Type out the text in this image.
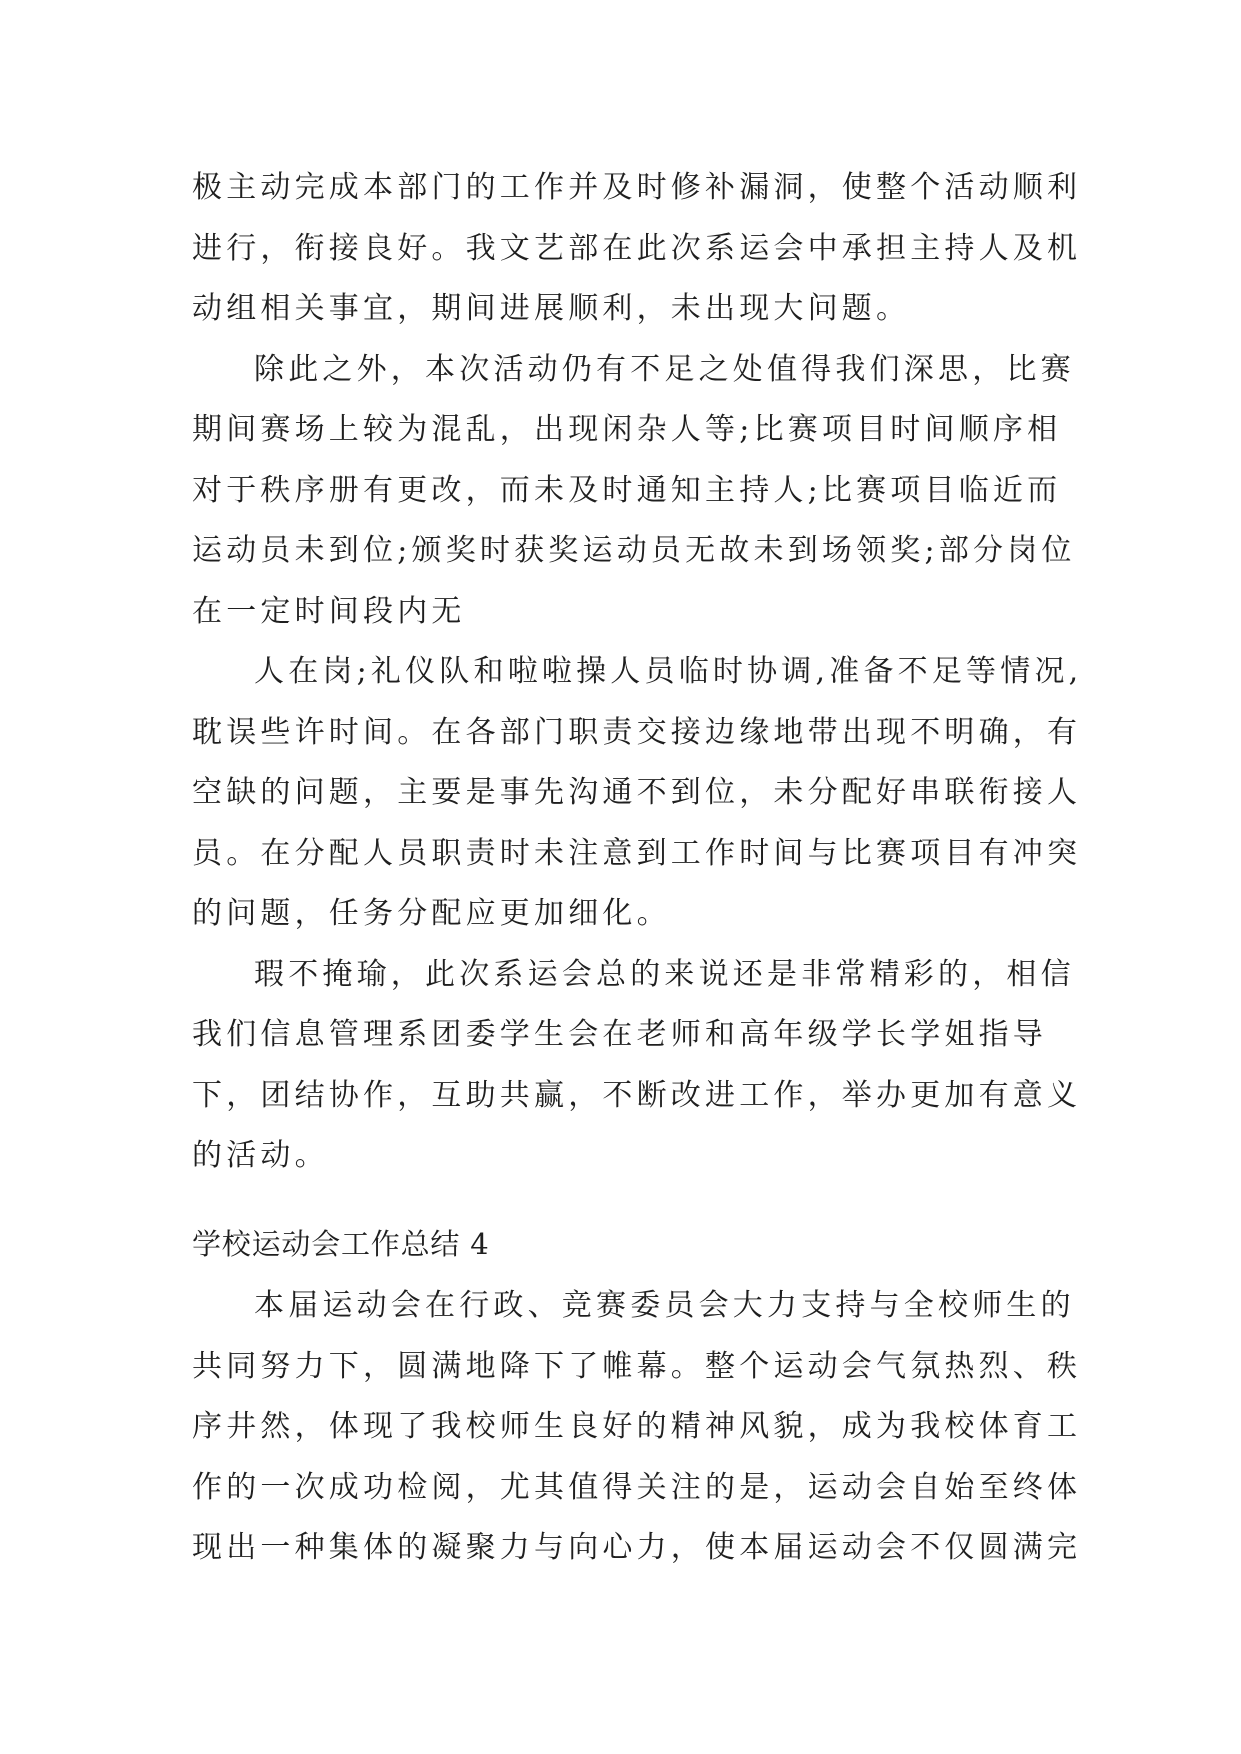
极主动完成本部门的工作并及时修补漏洞，使整个活动顺利
进行，衔接良好。我文艺部在此次系运会中承担主持人及机
动组相关事宜，期间进展顺利，未出现大问题。
除此之外，本次活动仍有不足之处值得我们深思，比赛
期间赛场上较为混乱，出现闲杂人等;比赛项目时间顺序相
对于秩序册有更改，而未及时通知主持人;比赛项目临近而
运动员未到位;颁奖时获奖运动员无故未到场领奖;部分岗位
在一定时间段内无
人在岗;礼仪队和啦啦操人员临时协调,准备不足等情况,
耽误些许时间。在各部门职责交接边缘地带出现不明确，有
空缺的问题，主要是事先沟通不到位，未分配好串联衔接人
员。在分配人员职责时未注意到工作时间与比赛项目有冲突
的问题，任务分配应更加细化。
瑕不掩瑜，此次系运会总的来说还是非常精彩的，相信
我们信息管理系团委学生会在老师和高年级学长学姐指导
下，团结协作，互助共赢，不断改进工作，举办更加有意义
的活动。
学校运动会工作总结 4
本届运动会在行政、竞赛委员会大力支持与全校师生的
共同努力下，圆满地降下了帷幕。整个运动会气氛热烈、秩
序井然，体现了我校师生良好的精神风貌，成为我校体育工
作的一次成功检阅，尤其值得关注的是，运动会自始至终体
现出一种集体的凝聚力与向心力，使本届运动会不仅圆满完
